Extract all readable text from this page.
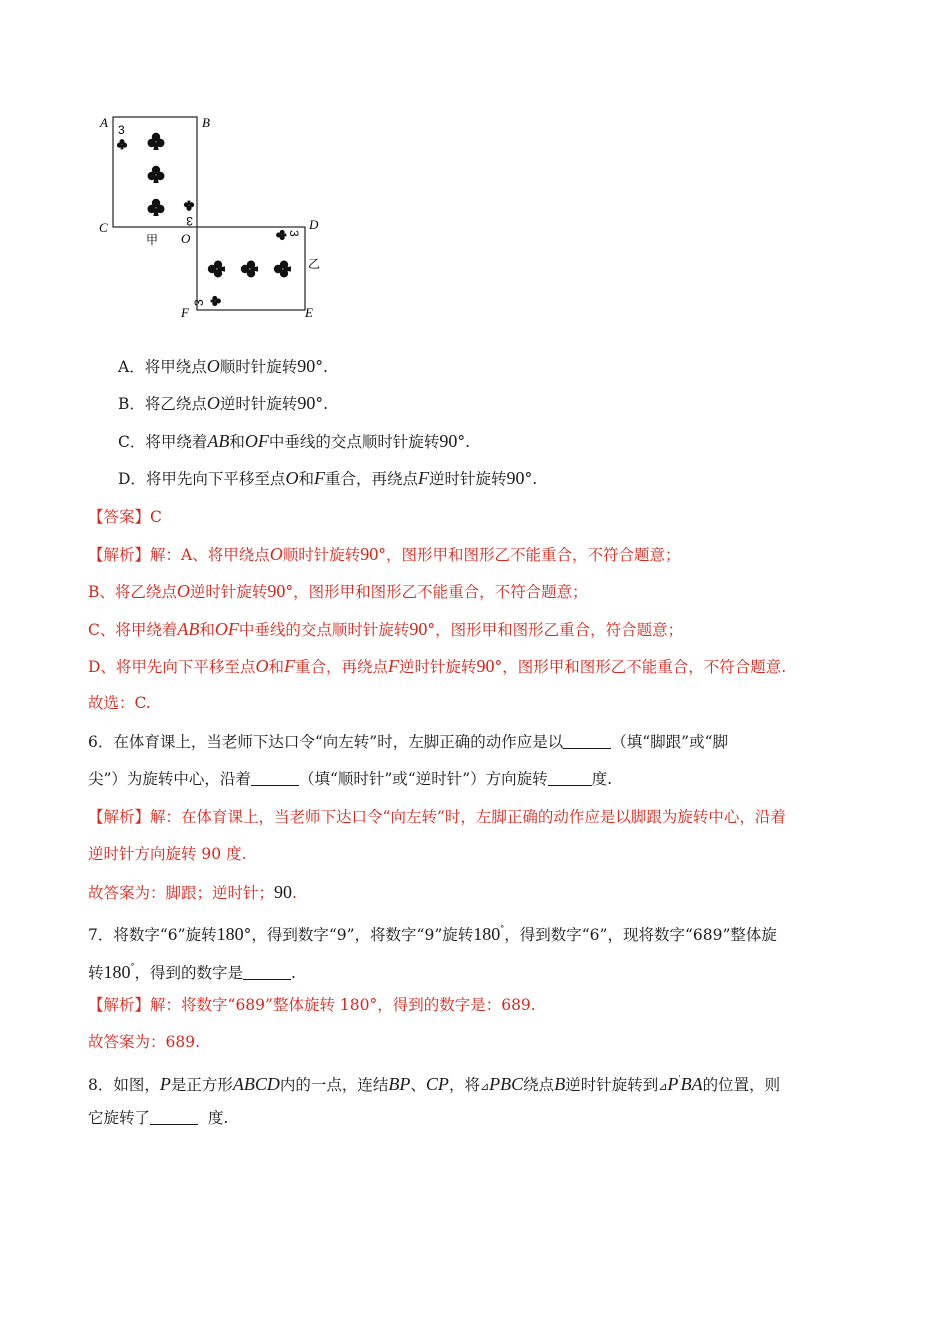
A	B
C
O
D
F	E
3
3
甲	3
3
乙
A．将甲绕点O顺时针旋转90°.
B．将乙绕点O逆时针旋转90°.
C．将甲绕着AB和OF中垂线的交点顺时针旋转90°.
D．将甲先向下平移至点O和F重合，再绕点F逆时针旋转90°.
【答案】C
【解析】解：A、将甲绕点O顺时针旋转90°，图形甲和图形乙不能重合，不符合题意；
B、将乙绕点O逆时针旋转90°，图形甲和图形乙不能重合，不符合题意；
C、将甲绕着AB和OF中垂线的交点顺时针旋转90°，图形甲和图形乙重合，符合题意；
D、将甲先向下平移至点O和F重合，再绕点F逆时针旋转90°，图形甲和图形乙不能重合，不符合题意.
故选：C.
6．在体育课上，当老师下达口令“向左转”时，左脚正确的动作应是以	（填“脚跟”或“脚
尖”）为旋转中心，沿着	（填“顺时针”或“逆时针”）方向旋转	度.
【解析】解：在体育课上，当老师下达口令“向左转”时，左脚正确的动作应是以脚跟为旋转中心，沿着
逆时针方向旋转 90 度.
故答案为：脚跟；逆时针；90.
7．将数字“6”旋转180°，得到数字“9”，将数字“9”旋转180°，得到数字“6”，现将数字“689”整体旋
转180°，得到的数字是	.
【解析】解：将数字“689”整体旋转 180°，得到的数字是：689.
故答案为：689.
8．如图，P是正方形ABCD内的一点，连结BP、CP，将⊿PBC绕点B逆时针旋转到⊿P'BA的位置，则
它旋转了	度.
